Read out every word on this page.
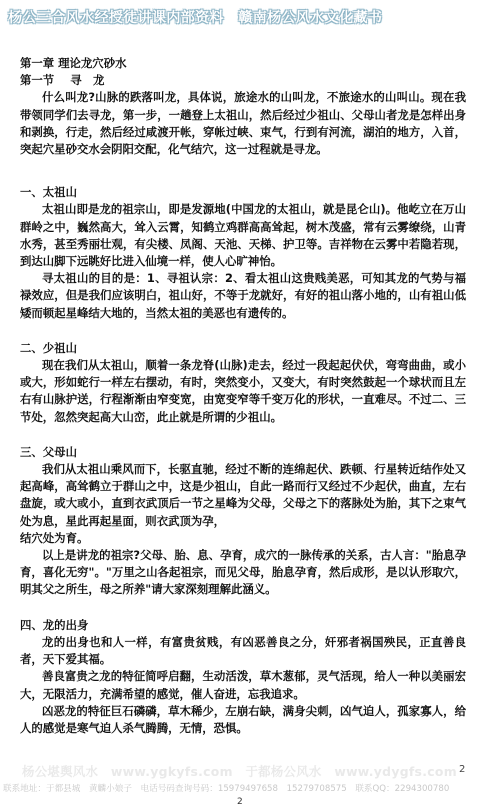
杨公三合风水经授徒讲课内部资料　赣南杨公风水文化藏书

第一章 理论龙穴砂水

第一节 寻　龙

什么叫龙?山脉的跌落叫龙，具体说，旅途水的山叫龙，不旅途水的山叫山。现在我带领同学们去寻龙，第一步，一趟登上太祖山，然后经过少祖山、父母山者龙是怎样出身和剥换，行走，然后经过咸渡开帐，穿帐过峡、束气，行到有河流，湖泊的地方，入首，突起穴星砂交水会阴阳交配，化气结穴，这一过程就是寻龙。

一、太祖山

太祖山即是龙的祖宗山，即是发源地(中国龙的太祖山，就是昆仑山)。他屹立在万山群岭之中，巍然高大，耸入云霄，知鹤立鸡群高高耸起，树木茂盛，常有云雾缭绕，山青水秀，甚至秀丽壮观，有尖楼、凤阁、天池、天梯、护卫等。吉祥物在云雾中若隐若现，到达山脚下远眺好比进入仙境一样，使人心旷神怡。

寻太祖山的目的是：1、寻祖认宗：2、看太祖山这贵贱美恶，可知其龙的气势与福禄效应，但是我们应该明白，祖山好，不等于龙就好，有好的祖山落小地的，山有祖山低矮而顿起星峰结大地的，当然太祖的美恶也有遗传的。

二、少祖山

现在我们从太祖山，顺着一条龙脊(山脉)走去，经过一段起起伏伏，弯弯曲曲，或小或大，形如蛇行一样左右摆动，有时，突然变小，又变大，有时突然鼓起一个球状而且左右有山脉护送，行程渐渐由窄变宽，由宽变窄等千变万化的形状，一直难尽。不过二、三节处，忽然突起高大山峦，此止就是所谓的少祖山。

三、父母山

我们从太祖山乘风而下，长驱直驰，经过不断的连绵起伏、跌顿、行星转近结作处又起高峰，高耸鹤立于群山之中，这是少祖山，自此一路而行又经过不少起伏，曲直，左右盘旋，或大或小，直到衣武顶后一节之星峰为父母，父母之下的落脉处为胎，其下之束气处为息，星此再起星面，则衣武顶为孕，

结穴处为育。

以上是讲龙的祖宗?父母、胎、息、孕育，成穴的一脉传承的关系，古人言："胎息孕育，喜化无穷"。"万里之山各起祖宗，而见父母，胎息孕育，然后成形，是以认形取穴，明其父之所生，母之所养"请大家深刻理解此涵义。

四、龙的出身

龙的出身也和人一样，有富贵贫贱，有凶恶善良之分，奸邪者祸国殃民，正直善良者，天下爱其福。

善良富贵之龙的特征简呼启翻，生动活泼，草木葱郁，灵气活现，给人一种以美丽宏大，无限活力，充满希望的感觉，催人奋进，忘我追求。

凶恶龙的特征巨石磷磷，草木稀少，左崩右缺，满身尖刺，凶气迫人，孤家寡人，给人的感觉是寒气迫人杀气腾腾，无情，恐惧。

杨公堪舆风水　www.ygkyfs.com　于都杨公风水　www.ydygfs.com 2
联系地址：于都县城　黄麟小娘子　电话号码查询号码：15979497658　15279708575　联系QQ：2294300780
2
